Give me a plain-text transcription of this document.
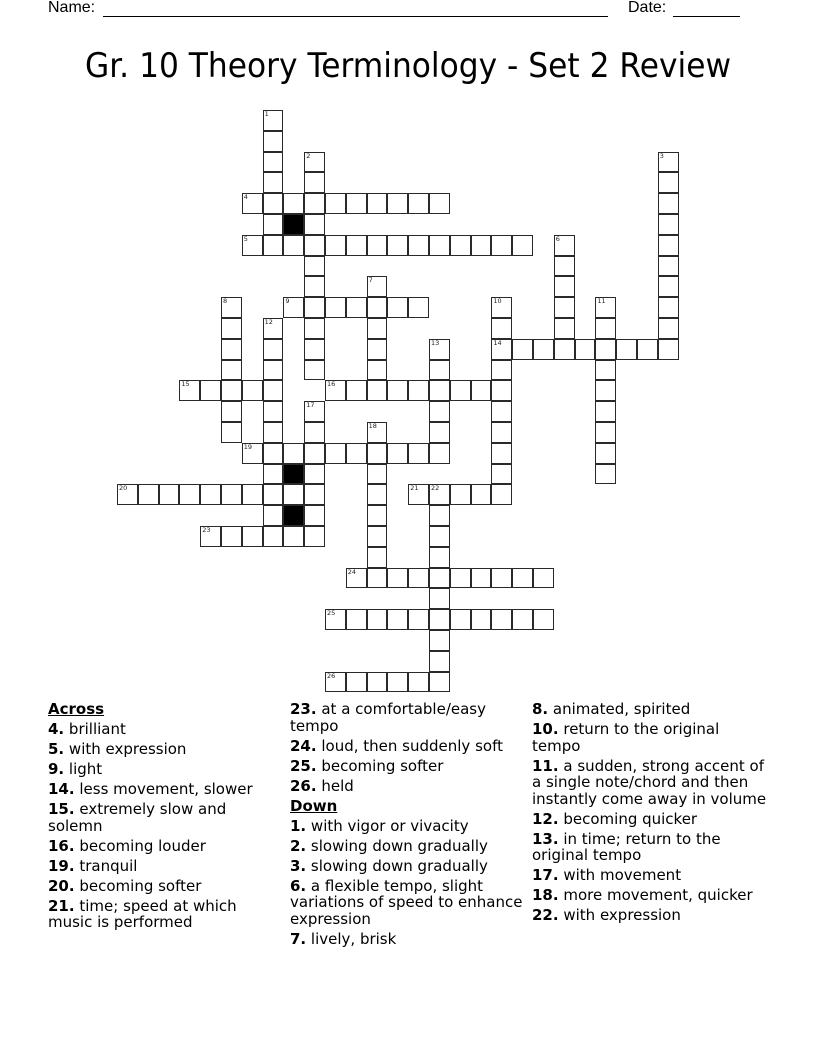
Name:	Date:
Gr. 10 Theory Terminology - Set 2 Review
1
2	3
4
5	6
7
8	9	10
14
11
12
13
15	16
17
18
19
20	21 22
23
24
25
26
Across
4. brilliant
5. with expression
9. light
14. less movement, slower
15. extremely slow and solemn
16. becoming louder
19. tranquil
20. becoming softer
21. time; speed at which music is performed
23. at a comfortable/easy tempo
24. loud, then suddenly soft
25. becoming softer
26. held
Down
1. with vigor or vivacity
2. slowing down gradually
3. slowing down gradually
6. a flexible tempo, slight variations of speed to enhance expression
7. lively, brisk
8. animated, spirited
10. return to the original tempo
11. a sudden, strong accent of a single note/chord and then instantly come away in volume
12. becoming quicker
13. in time; return to the original tempo
17. with movement
18. more movement, quicker
22. with expression
